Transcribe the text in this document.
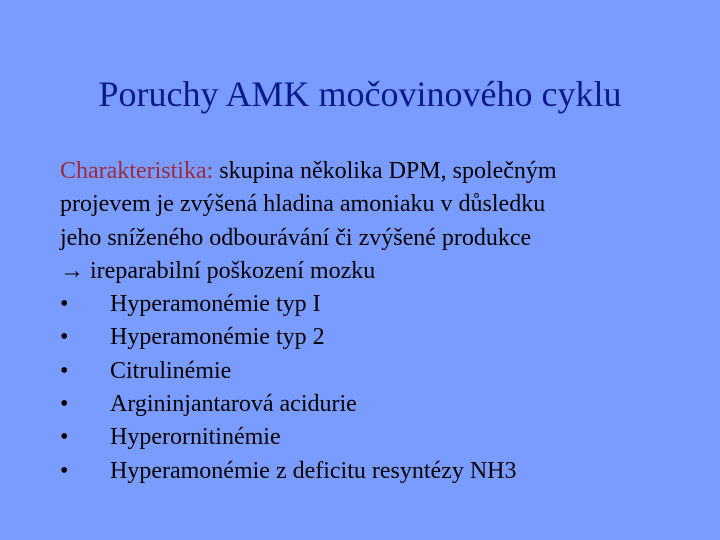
Poruchy AMK močovinového cyklu
Charakteristika: skupina několika DPM, společným
projevem je zvýšená hladina amoniaku v důsledku
jeho sníženého odbourávání či zvýšené produkce
→ ireparabilní poškození mozku
•	Hyperamonémie typ I
•	Hyperamonémie typ 2
•	Citrulinémie
•	Argininjantarová acidurie
•	Hyperornitinémie
•	Hyperamonémie z deficitu resyntézy NH3
